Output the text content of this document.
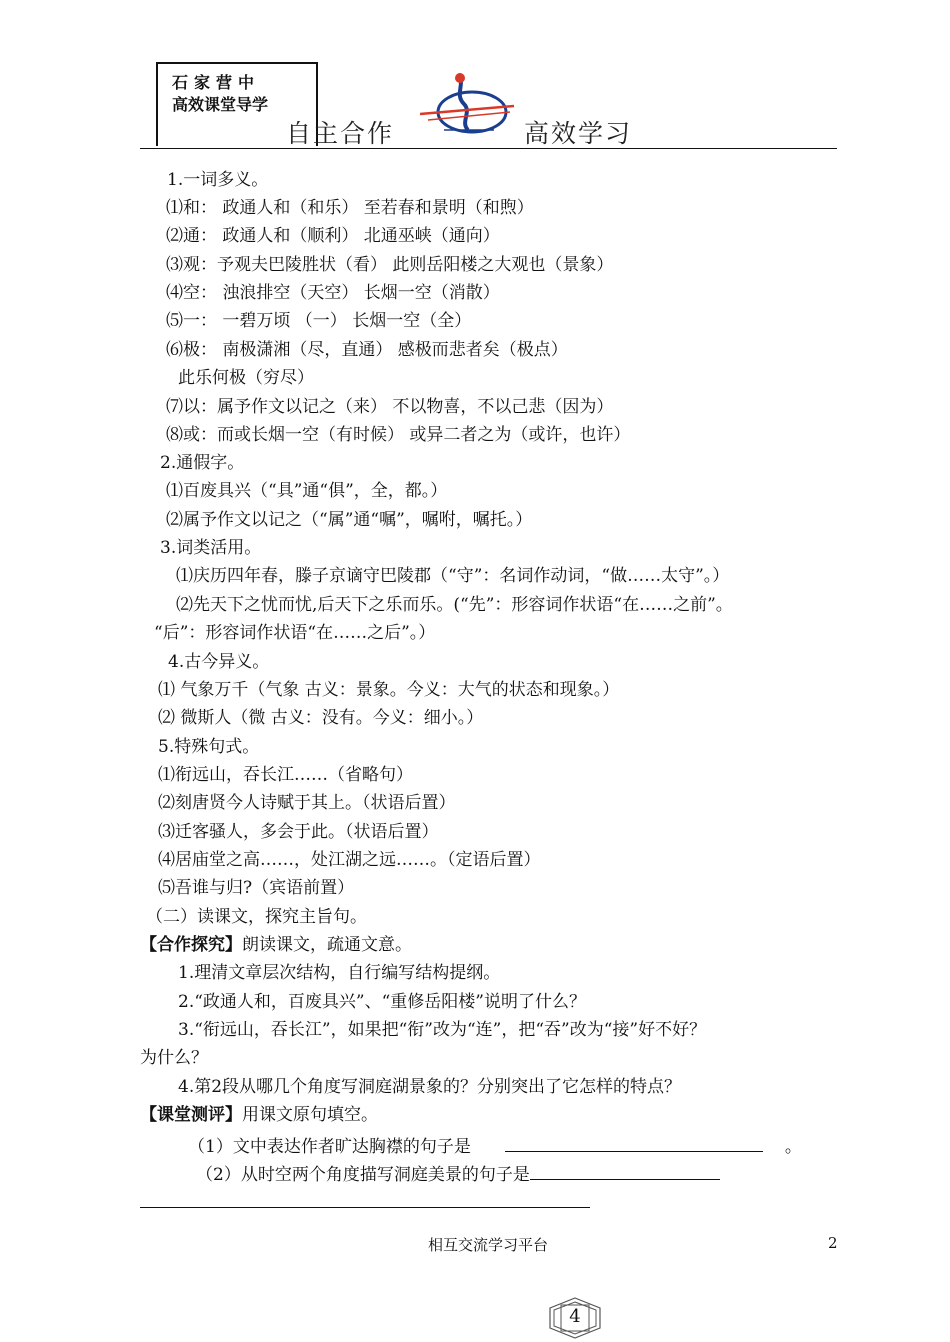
石家营中
高效课堂导学
自主合作	高效学习
1.一词多义。
⑴和： 政通人和（和乐） 至若春和景明（和煦）
⑵通： 政通人和（顺利） 北通巫峡（通向）
⑶观：予观夫巴陵胜状（看） 此则岳阳楼之大观也（景象）
⑷空： 浊浪排空（天空） 长烟一空（消散）
⑸一： 一碧万顷 （一） 长烟一空（全）
⑹极： 南极潇湘（尽，直通） 感极而悲者矣（极点）
此乐何极（穷尽）
⑺以：属予作文以记之（来） 不以物喜，不以己悲（因为）
⑻或：而或长烟一空（有时候） 或异二者之为（或许，也许）
2.通假字。
⑴百废具兴（“具”通“俱”，全，都。）
⑵属予作文以记之（“属”通“嘱”，嘱咐，嘱托。）
3.词类活用。
⑴庆历四年春，滕子京谪守巴陵郡（“守”：名词作动词，“做……太守”。）
⑵先天下之忧而忧,后天下之乐而乐。(“先”：形容词作状语“在……之前”。
“后”：形容词作状语“在……之后”。）
4.古今异义。
⑴ 气象万千（气象 古义：景象。今义：大气的状态和现象。）
⑵ 微斯人（微 古义：没有。今义：细小。）
5.特殊句式。
⑴衔远山，吞长江……（省略句）
⑵刻唐贤今人诗赋于其上。（状语后置）
⑶迁客骚人，多会于此。（状语后置）
⑷居庙堂之高……，处江湖之远……。（定语后置）
⑸吾谁与归?（宾语前置）
（二）读课文，探究主旨句。
【合作探究】朗读课文，疏通文意。
1.理清文章层次结构，自行编写结构提纲。
2.“政通人和，百废具兴”、“重修岳阳楼”说明了什么？
3.“衔远山，吞长江”，如果把“衔”改为“连”，把“吞”改为“接”好不好？
为什么？
4.第2段从哪几个角度写洞庭湖景象的？分别突出了它怎样的特点？
【课堂测评】用课文原句填空。
（1）文中表达作者旷达胸襟的句子是	。
（2）从时空两个角度描写洞庭美景的句子是
相互交流学习平台	2
4
